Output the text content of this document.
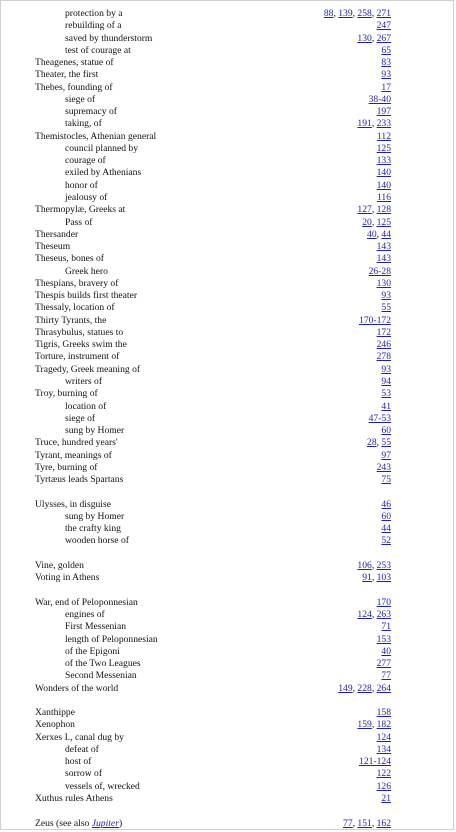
protection by a	88, 139, 258, 271
rebuilding of a	247
saved by thunderstorm	130, 267
test of courage at	65
Theagenes, statue of	83
Theater, the first	93
Thebes, founding of	17
siege of	38-40
supremacy of	197
taking, of	191, 233
Themistocles, Athenian general	112
council planned by	125
courage of	133
exiled by Athenians	140
honor of	140
jealousy of	116
Thermopylæ, Greeks at	127, 128
Pass of	20, 125
Thersander	40, 44
Theseum	143
Theseus, bones of	143
Greek hero	26-28
Thespians, bravery of	130
Thespis builds first theater	93
Thessaly, location of	55
Thirty Tyrants, the	170-172
Thrasybulus, statues to	172
Tigris, Greeks swim the	246
Torture, instrument of	278
Tragedy, Greek meaning of	93
writers of	94
Troy, burning of	53
location of	41
siege of	47-53
sung by Homer	60
Truce, hundred years'	28, 55
Tyrant, meanings of	97
Tyre, burning of	243
Tyrtæus leads Spartans	75
Ulysses, in disguise	46
sung by Homer	60
the crafty king	44
wooden horse of	52
Vine, golden	106, 253
Voting in Athens	91, 103
War, end of Peloponnesian	170
engines of	124, 263
First Messenian	71
length of Peloponnesian	153
of the Epigoni	40
of the Two Leagues	277
Second Messenian	77
Wonders of the world	149, 228, 264
Xanthippe	158
Xenophon	159, 182
Xerxes I., canal dug by	124
defeat of	134
host of	121-124
sorrow of	122
vessels of, wrecked	126
Xuthus rules Athens	21
Zeus (see also Jupiter)	77, 151, 162
